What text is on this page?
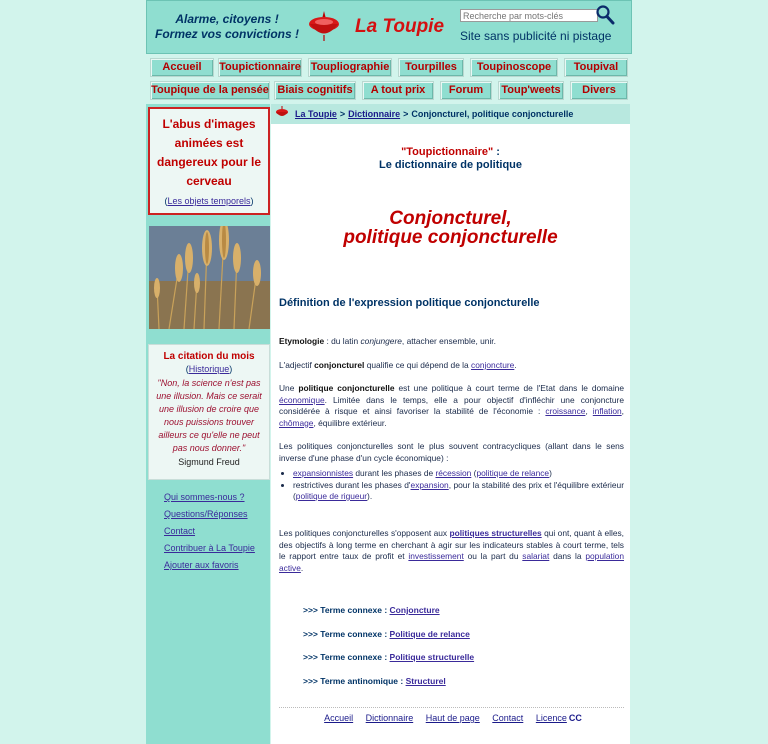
Alarme, citoyens !
Formez vos convictions !	La Toupie
Recherche par mots-clés Site sans publicité ni pistage
Accueil	Toupictionnaire Toupliographie	Tourpilles	Toupinoscope	Toupival
Toupique de la pensée Biais cognitifs	A tout prix	Forum	Toup'weets	Divers
L'abus d'images
animées est
dangereux pour le
cerveau
(Les objets temporels)
La citation du mois
(Historique)
"Non, la science n'est pas une illusion. Mais ce serait une illusion de croire que nous puissions trouver ailleurs ce qu'elle ne peut pas nous donner."
Sigmund Freud
Qui sommes-nous ?
Questions/Réponses
Contact
Contribuer à La Toupie
Ajouter aux favoris
La Toupie > Dictionnaire > Conjoncturel, politique conjoncturelle
"Toupictionnaire" :
Le dictionnaire de politique
Conjoncturel,
politique conjoncturelle
Définition de l'expression politique conjoncturelle
Etymologie : du latin conjungere, attacher ensemble, unir.
L'adjectif conjoncturel qualifie ce qui dépend de la conjoncture.
Une politique conjoncturelle est une politique à court terme de l'Etat dans le domaine économique. Limitée dans le temps, elle a pour objectif d'infléchir une conjoncture considérée à risque et ainsi favoriser la stabilité de l'économie : croissance, inflation, chômage, équilibre extérieur.
Les politiques conjoncturelles sont le plus souvent contracycliques (allant dans le sens inverse d'une phase d'un cycle économique) :
• expansionnistes durant les phases de récession (politique de relance)
• restrictives durant les phases d'expansion, pour la stabilité des prix et l'équilibre extérieur (politique de rigueur).
Les politiques conjoncturelles s'opposent aux politiques structurelles qui ont, quant à elles, des objectifs à long terme en cherchant à agir sur les indicateurs stables à court terme, tels le rapport entre taux de profit et investissement ou la part du salariat dans la population active.
>>> Terme connexe : Conjoncture
>>> Terme connexe : Politique de relance
>>> Terme connexe : Politique structurelle
>>> Terme antinomique : Structurel
Accueil Dictionnaire Haut de page Contact Licence CC
